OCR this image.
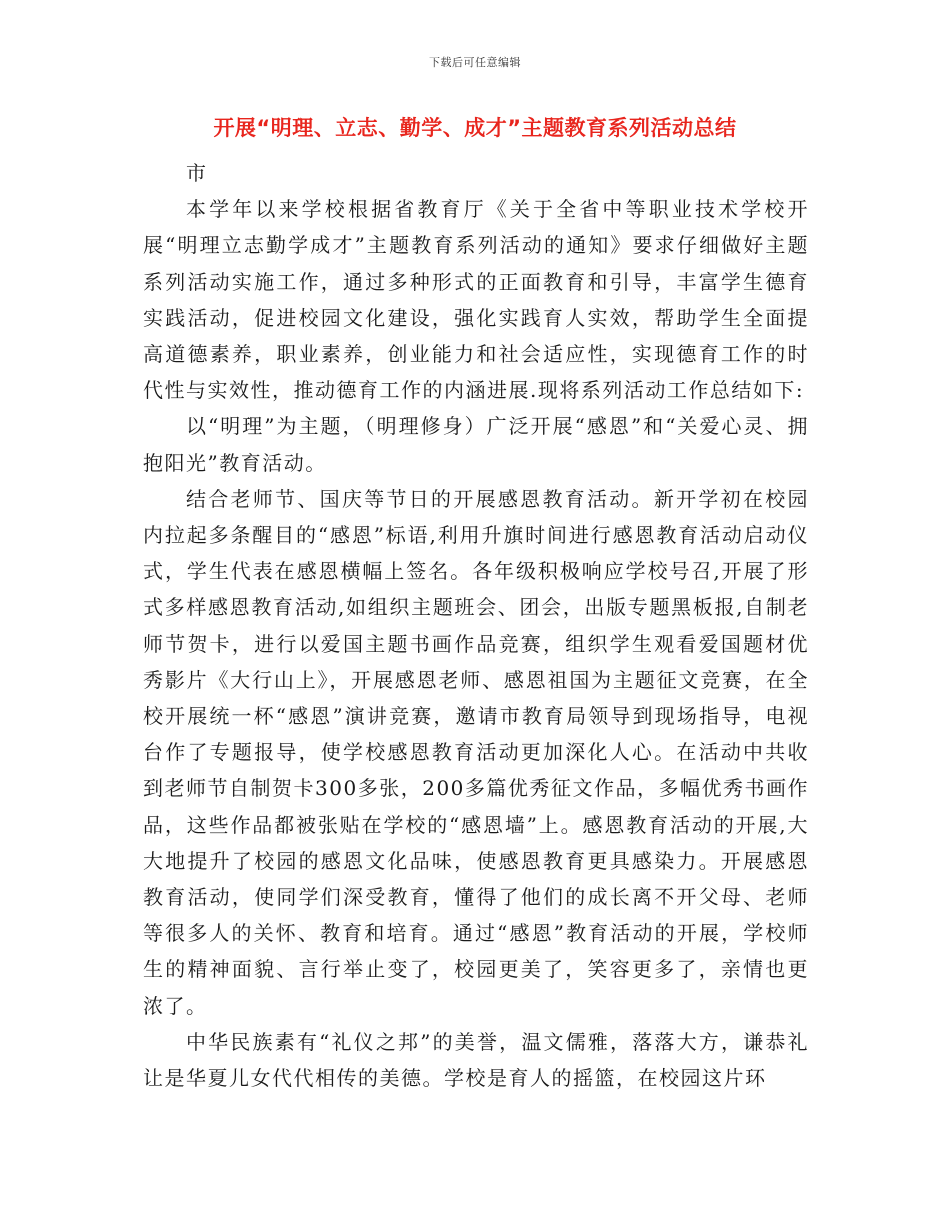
下载后可任意编辑
开展“明理、立志、勤学、成才”主题教育系列活动总结

市

本学年以来学校根据省教育厅《关于全省中等职业技术学校开展“明理立志勤学成才”主题教育系列活动的通知》要求仔细做好主题系列活动实施工作，通过多种形式的正面教育和引导，丰富学生德育实践活动，促进校园文化建设，强化实践育人实效，帮助学生全面提高道德素养，职业素养，创业能力和社会适应性，实现德育工作的时代性与实效性，推动德育工作的内涵进展.现将系列活动工作总结如下:

以“明理”为主题，（明理修身）广泛开展“感恩”和“关爱心灵、拥抱阳光”教育活动。

结合老师节、国庆等节日的开展感恩教育活动。新开学初在校园内拉起多条醒目的“感恩”标语,利用升旗时间进行感恩教育活动启动仪式，学生代表在感恩横幅上签名。各年级积极响应学校号召,开展了形式多样感恩教育活动,如组织主题班会、团会，出版专题黑板报,自制老师节贺卡，进行以爱国主题书画作品竞赛，组织学生观看爱国题材优秀影片《大行山上》，开展感恩老师、感恩祖国为主题征文竞赛，在全校开展统一杯“感恩”演讲竞赛，邀请市教育局领导到现场指导，电视台作了专题报导，使学校感恩教育活动更加深化人心。在活动中共收到老师节自制贺卡300多张，200多篇优秀征文作品，多幅优秀书画作品，这些作品都被张贴在学校的“感恩墙”上。感恩教育活动的开展,大大地提升了校园的感恩文化品味，使感恩教育更具感染力。开展感恩教育活动，使同学们深受教育，懂得了他们的成长离不开父母、老师等很多人的关怀、教育和培育。通过“感恩”教育活动的开展，学校师生的精神面貌、言行举止变了，校园更美了，笑容更多了，亲情也更浓了。

中华民族素有“礼仪之邦”的美誉，温文儒雅，落落大方，谦恭礼让是华夏儿女代代相传的美德。学校是育人的摇篮，在校园这片环
